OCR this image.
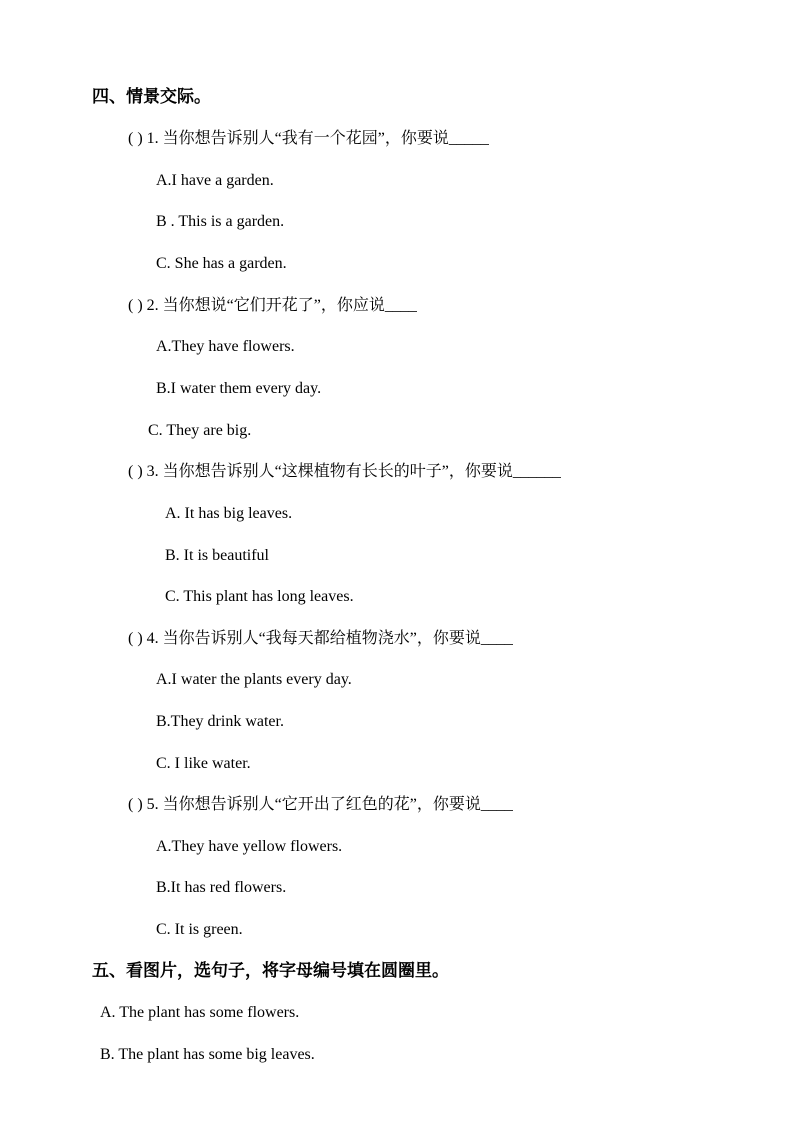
四、情景交际。
( ) 1. 当你想告诉别人“我有一个花园”，你要说_____
A.I have a garden.
B . This is a garden.
C. She has a garden.
( ) 2. 当你想说“它们开花了”，你应说____
A.They have flowers.
B.I water them every day.
C. They are big.
( ) 3. 当你想告诉别人“这棵植物有长长的叶子”，你要说______
A. It has big leaves.
B. It is beautiful
C. This plant has long leaves.
( ) 4. 当你告诉别人“我每天都给植物浇水”，你要说____
A.I water the plants every day.
B.They drink water.
C. I like water.
( ) 5. 当你想告诉别人“它开出了红色的花”，你要说____
A.They have yellow flowers.
B.It has red flowers.
C. It is green.
五、看图片，选句子，将字母编号填在圆圈里。
A. The plant has some flowers.
B. The plant has some big leaves.
